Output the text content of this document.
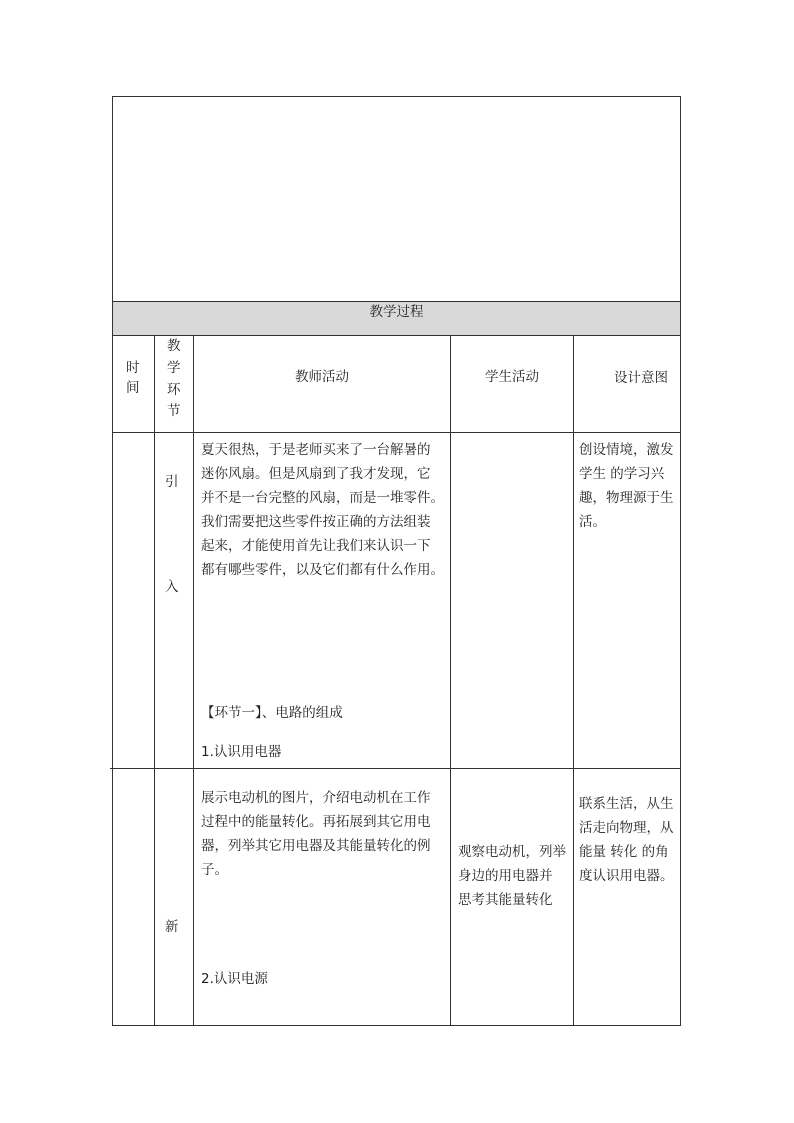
教学过程
时
间
教
学
环
节
教师活动	学生活动	设计意图
引
入
夏天很热，于是老师买来了一台解暑的
迷你风扇。但是风扇到了我才发现，它
并不是一台完整的风扇，而是一堆零件。
我们需要把这些零件按正确的方法组装
起来，才能使用首先让我们来认识一下
都有哪些零件，以及它们都有什么作用。
【环节一】、电路的组成
1.认识用电器
创设情境，激发
学生 的学习兴
趣，物理源于生
活。
新
展示电动机的图片，介绍电动机在工作
过程中的能量转化。再拓展到其它用电
器，列举其它用电器及其能量转化的例
子。
2.认识电源
观察电动机，列举
身边的用电器并
思考其能量转化
联系生活，从生
活走向物理，从
能量 转化 的角
度认识用电器。
